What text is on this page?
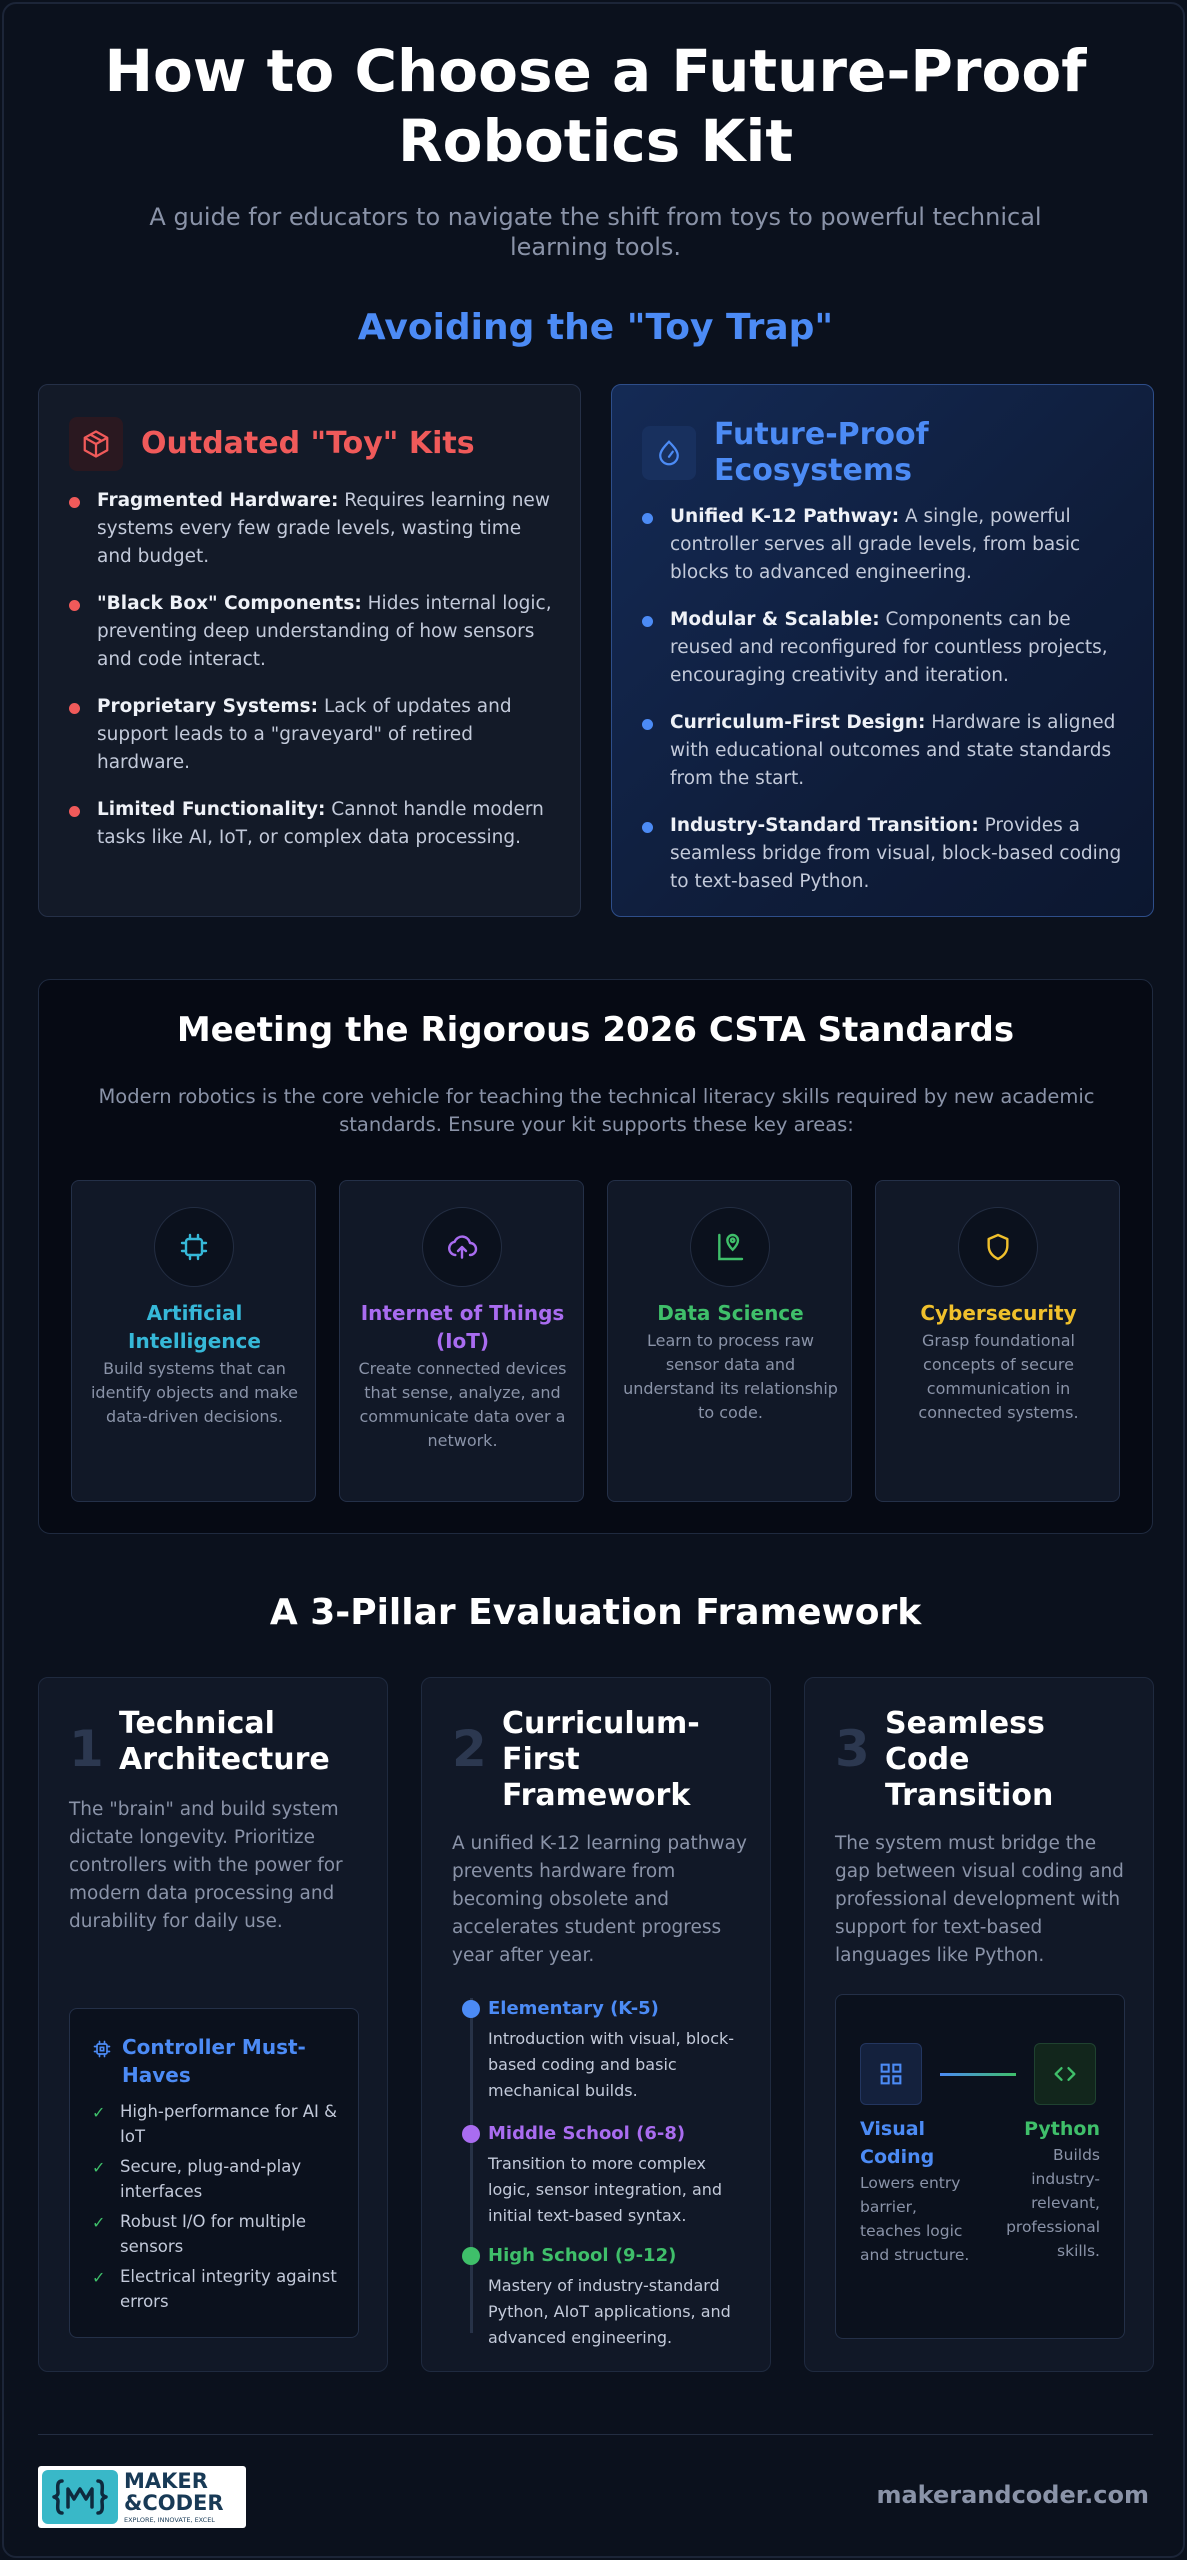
How to Choose a Future-Proof Robotics Kit
A guide for educators to navigate the shift from toys to powerful technical learning tools.
Avoiding the "Toy Trap"
Outdated "Toy" Kits
Fragmented Hardware: Requires learning new systems every few grade levels, wasting time and budget.
"Black Box" Components: Hides internal logic, preventing deep understanding of how sensors and code interact.
Proprietary Systems: Lack of updates and support leads to a "graveyard" of retired hardware.
Limited Functionality: Cannot handle modern tasks like AI, IoT, or complex data processing.
Future-Proof Ecosystems
Unified K-12 Pathway: A single, powerful controller serves all grade levels, from basic blocks to advanced engineering.
Modular & Scalable: Components can be reused and reconfigured for countless projects, encouraging creativity and iteration.
Curriculum-First Design: Hardware is aligned with educational outcomes and state standards from the start.
Industry-Standard Transition: Provides a seamless bridge from visual, block-based coding to text-based Python.
Meeting the Rigorous 2026 CSTA Standards
Modern robotics is the core vehicle for teaching the technical literacy skills required by new academic standards. Ensure your kit supports these key areas:
Artificial Intelligence
Build systems that can identify objects and make data-driven decisions.
Internet of Things (IoT)
Create connected devices that sense, analyze, and communicate data over a network.
Data Science
Learn to process raw sensor data and understand its relationship to code.
Cybersecurity
Grasp foundational concepts of secure communication in connected systems.
A 3-Pillar Evaluation Framework
1 Technical Architecture
The "brain" and build system dictate longevity. Prioritize controllers with the power for modern data processing and durability for daily use.
Controller Must-Haves
✓ High-performance for AI & IoT
✓ Secure, plug-and-play interfaces
✓ Robust I/O for multiple sensors
✓ Electrical integrity against errors
2 Curriculum-First Framework
A unified K-12 learning pathway prevents hardware from becoming obsolete and accelerates student progress year after year.
Elementary (K-5)
Introduction with visual, block-based coding and basic mechanical builds.
Middle School (6-8)
Transition to more complex logic, sensor integration, and initial text-based syntax.
High School (9-12)
Mastery of industry-standard Python, AIoT applications, and advanced engineering.
3 Seamless Code Transition
The system must bridge the gap between visual coding and professional development with support for text-based languages like Python.
Visual Coding
Lowers entry barrier, teaches logic and structure.
Python
Builds industry-relevant, professional skills.
MAKER
&CODER
EXPLORE, INNOVATE, EXCEL
makerandcoder.com
